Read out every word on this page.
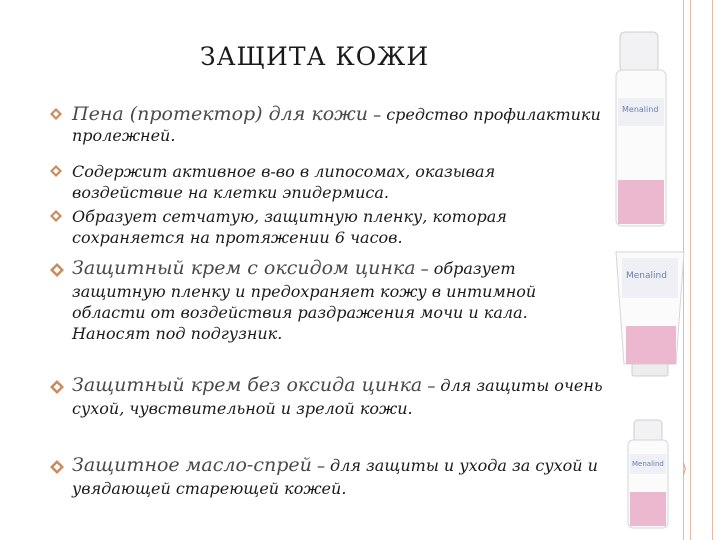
⟩
ЗАЩИТА КОЖИ
Пена (протектор) для кожи – средство профилактики пролежней.
Содержит активное в-во в липосомах, оказывая воздействие на клетки эпидермиса.
Образует сетчатую, защитную пленку, которая сохраняется на протяжении 6 часов.
Защитный крем с оксидом цинка – образует защитную пленку и предохраняет кожу в интимной области от воздействия раздражения мочи и кала. Наносят под подгузник.
Защитный крем без оксида цинка – для защиты очень сухой, чувствительной и зрелой кожи.
Защитное масло-спрей – для защиты и ухода за сухой и увядающей стареющей кожей.
Menalind
Menalind
Menalind
